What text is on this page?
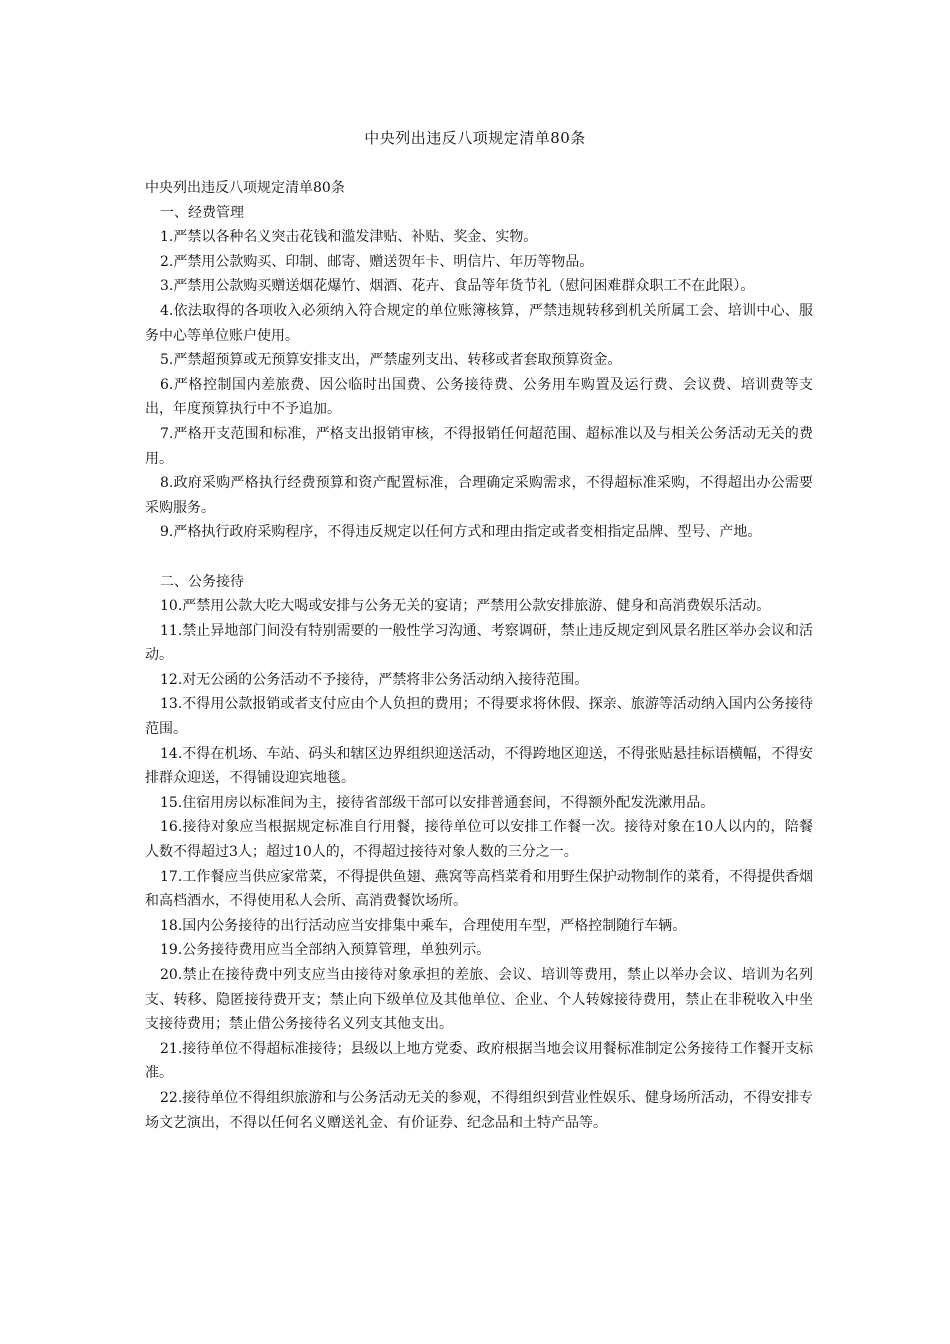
中央列出违反八项规定清单80条

中央列出违反八项规定清单80条

一、经费管理

1.严禁以各种名义突击花钱和滥发津贴、补贴、奖金、实物。

2.严禁用公款购买、印制、邮寄、赠送贺年卡、明信片、年历等物品。

3.严禁用公款购买赠送烟花爆竹、烟酒、花卉、食品等年货节礼（慰问困难群众职工不在此限）。

4.依法取得的各项收入必须纳入符合规定的单位账簿核算，严禁违规转移到机关所属工会、培训中心、服务中心等单位账户使用。

5.严禁超预算或无预算安排支出，严禁虚列支出、转移或者套取预算资金。

6.严格控制国内差旅费、因公临时出国费、公务接待费、公务用车购置及运行费、会议费、培训费等支出，年度预算执行中不予追加。

7.严格开支范围和标准，严格支出报销审核，不得报销任何超范围、超标准以及与相关公务活动无关的费用。

8.政府采购严格执行经费预算和资产配置标准，合理确定采购需求，不得超标准采购，不得超出办公需要采购服务。

9.严格执行政府采购程序，不得违反规定以任何方式和理由指定或者变相指定品牌、型号、产地。

二、公务接待

10.严禁用公款大吃大喝或安排与公务无关的宴请；严禁用公款安排旅游、健身和高消费娱乐活动。

11.禁止异地部门间没有特别需要的一般性学习沟通、考察调研，禁止违反规定到风景名胜区举办会议和活动。

12.对无公函的公务活动不予接待，严禁将非公务活动纳入接待范围。

13.不得用公款报销或者支付应由个人负担的费用；不得要求将休假、探亲、旅游等活动纳入国内公务接待范围。

14.不得在机场、车站、码头和辖区边界组织迎送活动，不得跨地区迎送，不得张贴悬挂标语横幅，不得安排群众迎送，不得铺设迎宾地毯。

15.住宿用房以标准间为主，接待省部级干部可以安排普通套间，不得额外配发洗漱用品。

16.接待对象应当根据规定标准自行用餐，接待单位可以安排工作餐一次。接待对象在10人以内的，陪餐人数不得超过3人；超过10人的，不得超过接待对象人数的三分之一。

17.工作餐应当供应家常菜，不得提供鱼翅、燕窝等高档菜肴和用野生保护动物制作的菜肴，不得提供香烟和高档酒水，不得使用私人会所、高消费餐饮场所。

18.国内公务接待的出行活动应当安排集中乘车，合理使用车型，严格控制随行车辆。

19.公务接待费用应当全部纳入预算管理，单独列示。

20.禁止在接待费中列支应当由接待对象承担的差旅、会议、培训等费用，禁止以举办会议、培训为名列支、转移、隐匿接待费开支；禁止向下级单位及其他单位、企业、个人转嫁接待费用，禁止在非税收入中坐支接待费用；禁止借公务接待名义列支其他支出。

21.接待单位不得超标准接待；县级以上地方党委、政府根据当地会议用餐标准制定公务接待工作餐开支标准。

22.接待单位不得组织旅游和与公务活动无关的参观，不得组织到营业性娱乐、健身场所活动，不得安排专场文艺演出，不得以任何名义赠送礼金、有价证券、纪念品和土特产品等。
